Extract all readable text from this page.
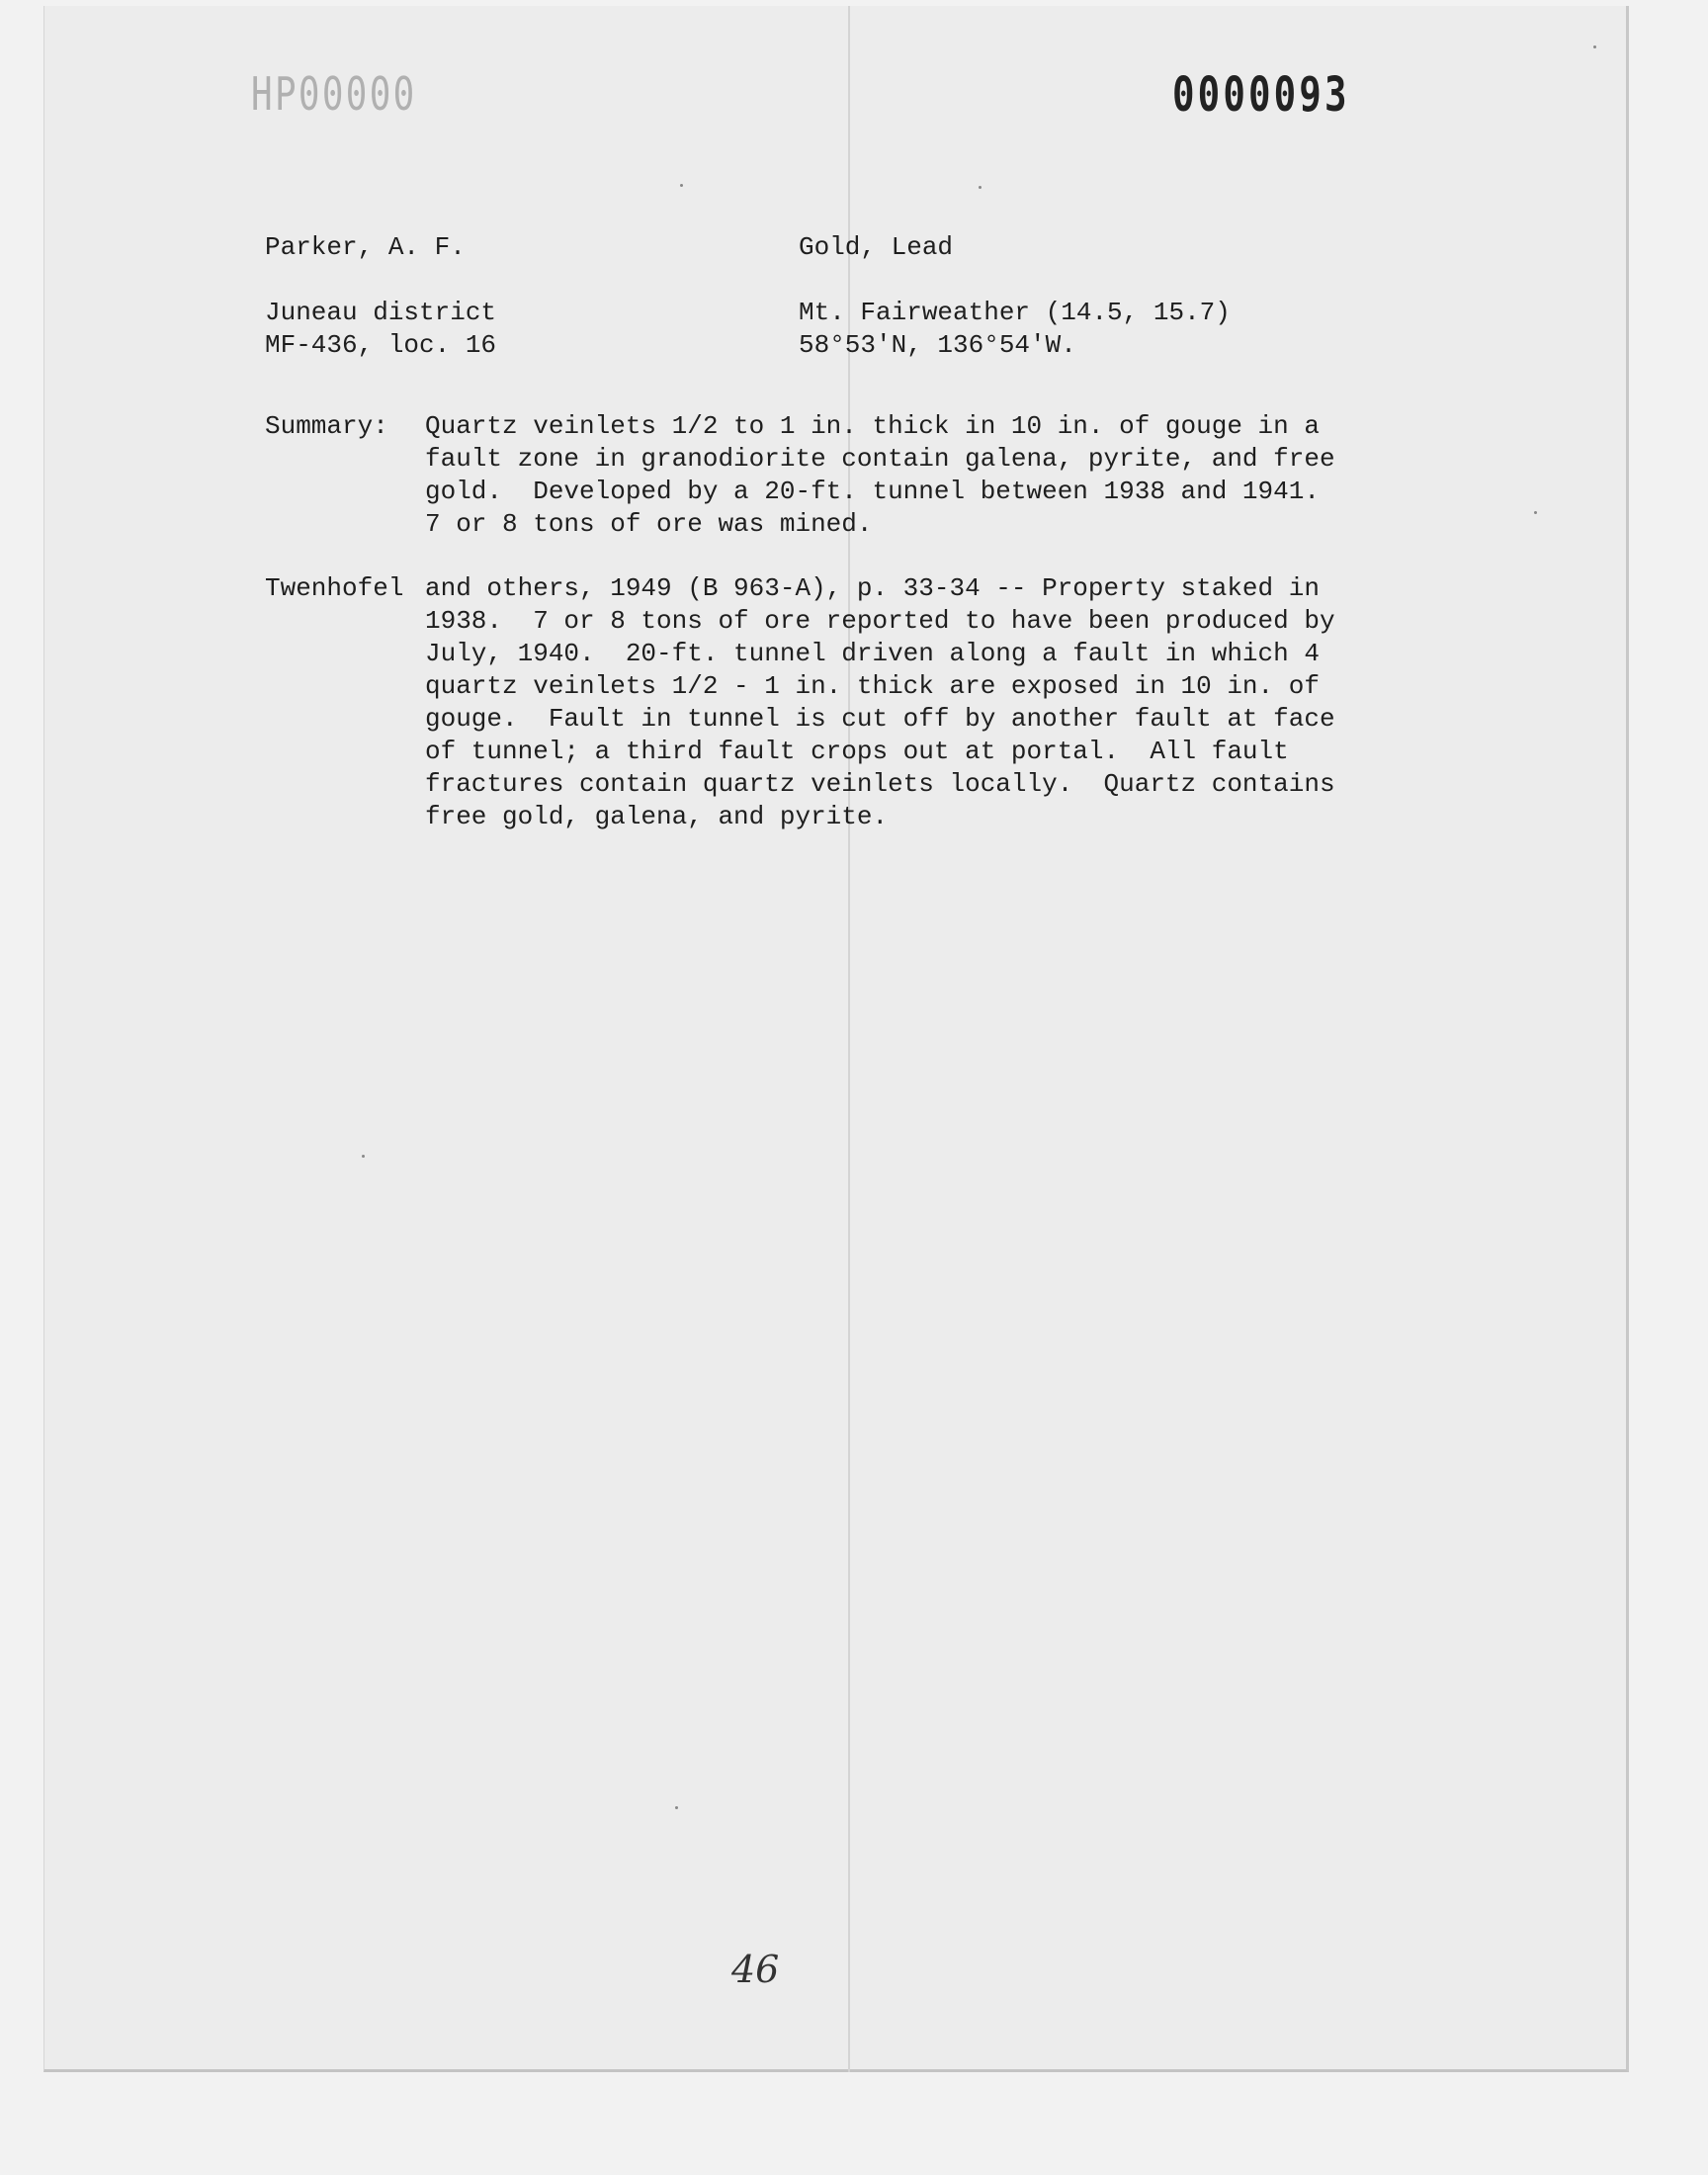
HP00000	0000093
Parker, A. F.	Gold, Lead
Juneau district	Mt. Fairweather (14.5, 15.7)
MF-436, loc. 16	58°53'N, 136°54'W.
Summary: Quartz veinlets 1/2 to 1 in. thick in 10 in. of gouge in a
fault zone in granodiorite contain galena, pyrite, and free
gold.  Developed by a 20-ft. tunnel between 1938 and 1941.
7 or 8 tons of ore was mined.
Twenhofel and others, 1949 (B 963-A), p. 33-34 -- Property staked in
1938.  7 or 8 tons of ore reported to have been produced by
July, 1940.  20-ft. tunnel driven along a fault in which 4
quartz veinlets 1/2 - 1 in. thick are exposed in 10 in. of
gouge.  Fault in tunnel is cut off by another fault at face
of tunnel; a third fault crops out at portal.  All fault
fractures contain quartz veinlets locally.  Quartz contains
free gold, galena, and pyrite.
46
